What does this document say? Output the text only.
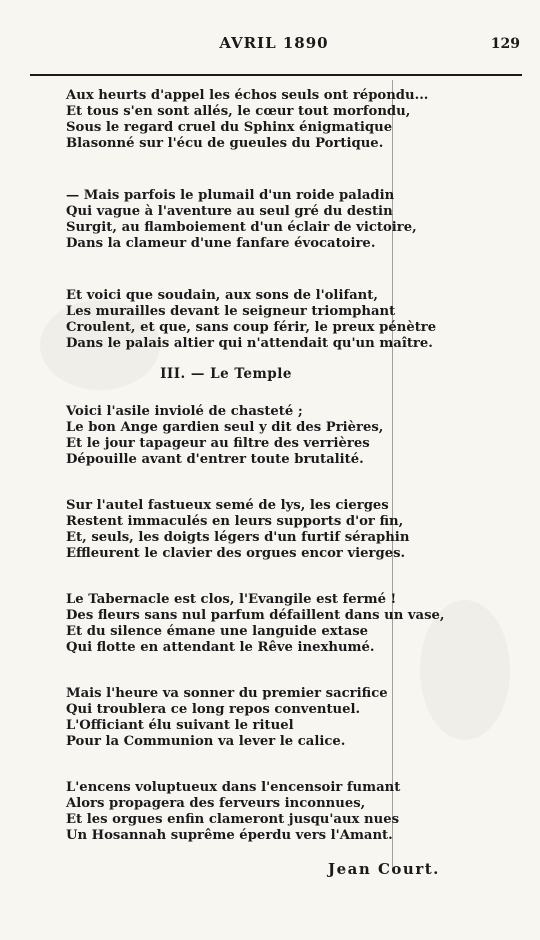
AVRIL 1890	129
Aux heurts d'appel les échos seuls ont répondu...
Et tous s'en sont allés, le cœur tout morfondu,
Sous le regard cruel du Sphinx énigmatique
Blasonné sur l'écu de gueules du Portique.
— Mais parfois le plumail d'un roide paladin
Qui vague à l'aventure au seul gré du destin
Surgit, au flamboiement d'un éclair de victoire,
Dans la clameur d'une fanfare évocatoire.
Et voici que soudain, aux sons de l'olifant,
Les murailles devant le seigneur triomphant
Croulent, et que, sans coup férir, le preux pénètre
Dans le palais altier qui n'attendait qu'un maître.
III. — Le Temple
Voici l'asile inviolé de chasteté ;
Le bon Ange gardien seul y dit des Prières,
Et le jour tapageur au filtre des verrières
Dépouille avant d'entrer toute brutalité.
Sur l'autel fastueux semé de lys, les cierges
Restent immaculés en leurs supports d'or fin,
Et, seuls, les doigts légers d'un furtif séraphin
Effleurent le clavier des orgues encor vierges.
Le Tabernacle est clos, l'Evangile est fermé !
Des fleurs sans nul parfum défaillent dans un vase,
Et du silence émane une languide extase
Qui flotte en attendant le Rêve inexhumé.
Mais l'heure va sonner du premier sacrifice
Qui troublera ce long repos conventuel.
L'Officiant élu suivant le rituel
Pour la Communion va lever le calice.
L'encens voluptueux dans l'encensoir fumant
Alors propagera des ferveurs inconnues,
Et les orgues enfin clameront jusqu'aux nues
Un Hosannah suprême éperdu vers l'Amant.
Jean Court.
